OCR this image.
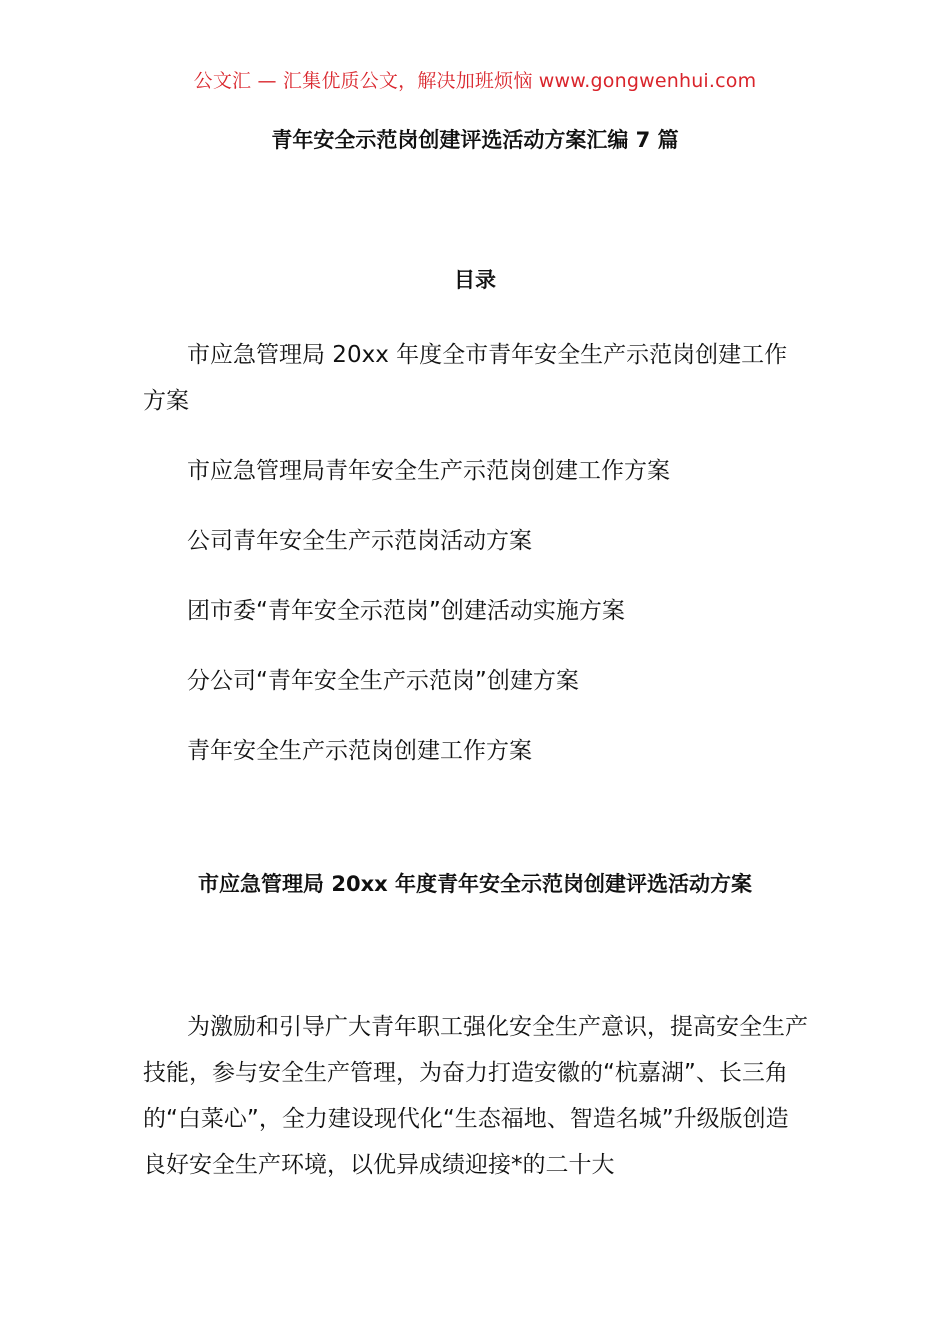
公文汇 — 汇集优质公文，解决加班烦恼 www.gongwenhui.com
青年安全示范岗创建评选活动方案汇编 7 篇
目录
市应急管理局 20xx 年度全市青年安全生产示范岗创建工作方案
市应急管理局青年安全生产示范岗创建工作方案
公司青年安全生产示范岗活动方案
团市委“青年安全示范岗”创建活动实施方案
分公司“青年安全生产示范岗”创建方案
青年安全生产示范岗创建工作方案
市应急管理局 20xx 年度青年安全示范岗创建评选活动方案

为激励和引导广大青年职工强化安全生产意识，提高安全生产技能，参与安全生产管理，为奋力打造安徽的“杭嘉湖”、长三角的“白菜心”，全力建设现代化“生态福地、智造名城”升级版创造良好安全生产环境，以优异成绩迎接*的二十大
